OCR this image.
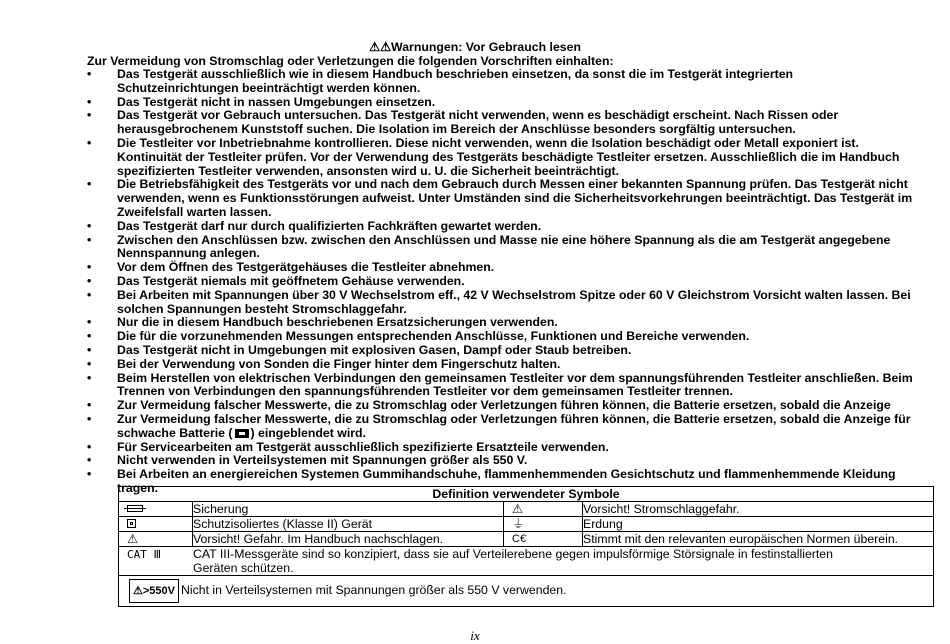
⚠⚠Warnungen: Vor Gebrauch lesen
Zur Vermeidung von Stromschlag oder Verletzungen die folgenden Vorschriften einhalten:
• Das Testgerät ausschließlich wie in diesem Handbuch beschrieben einsetzen, da sonst die im Testgerät integrierten Schutzeinrichtungen beeinträchtigt werden können.
• Das Testgerät nicht in nassen Umgebungen einsetzen.
• Das Testgerät vor Gebrauch untersuchen. Das Testgerät nicht verwenden, wenn es beschädigt erscheint. Nach Rissen oder herausgebrochenem Kunststoff suchen. Die Isolation im Bereich der Anschlüsse besonders sorgfältig untersuchen.
• Die Testleiter vor Inbetriebnahme kontrollieren. Diese nicht verwenden, wenn die Isolation beschädigt oder Metall exponiert ist. Kontinuität der Testleiter prüfen. Vor der Verwendung des Testgeräts beschädigte Testleiter ersetzen. Ausschließlich die im Handbuch spezifizierten Testleiter verwenden, ansonsten wird u. U. die Sicherheit beeinträchtigt.
• Die Betriebsfähigkeit des Testgeräts vor und nach dem Gebrauch durch Messen einer bekannten Spannung prüfen. Das Testgerät nicht verwenden, wenn es Funktionsstörungen aufweist. Unter Umständen sind die Sicherheitsvorkehrungen beeinträchtigt. Das Testgerät im Zweifelsfall warten lassen.
• Das Testgerät darf nur durch qualifizierten Fachkräften gewartet werden.
• Zwischen den Anschlüssen bzw. zwischen den Anschlüssen und Masse nie eine höhere Spannung als die am Testgerät angegebene Nennspannung anlegen.
• Vor dem Öffnen des Testgerätgehäuses die Testleiter abnehmen.
• Das Testgerät niemals mit geöffnetem Gehäuse verwenden.
• Bei Arbeiten mit Spannungen über 30 V Wechselstrom eff., 42 V Wechselstrom Spitze oder 60 V Gleichstrom Vorsicht walten lassen. Bei solchen Spannungen besteht Stromschlaggefahr.
• Nur die in diesem Handbuch beschriebenen Ersatzsicherungen verwenden.
• Die für die vorzunehmenden Messungen entsprechenden Anschlüsse, Funktionen und Bereiche verwenden.
• Das Testgerät nicht in Umgebungen mit explosiven Gasen, Dampf oder Staub betreiben.
• Bei der Verwendung von Sonden die Finger hinter dem Fingerschutz halten.
• Beim Herstellen von elektrischen Verbindungen den gemeinsamen Testleiter vor dem spannungsführenden Testleiter anschließen. Beim Trennen von Verbindungen den spannungsführenden Testleiter vor dem gemeinsamen Testleiter trennen.
• Zur Vermeidung falscher Messwerte, die zu Stromschlag oder Verletzungen führen können, die Batterie ersetzen, sobald die Anzeige
• Zur Vermeidung falscher Messwerte, die zu Stromschlag oder Verletzungen führen können, die Batterie ersetzen, sobald die Anzeige für schwache Batterie ( ) eingeblendet wird.
• Für Servicearbeiten am Testgerät ausschließlich spezifizierte Ersatzteile verwenden.
• Nicht verwenden in Verteilsystemen mit Spannungen größer als 550 V.
• Bei Arbeiten an energiereichen Systemen Gummihandschuhe, flammenhemmenden Gesichtschutz und flammenhemmende Kleidung tragen.	Definition verwendeter Symbole			
	Sicherung	⚠	Vorsicht! Stromschlaggefahr.
	Schutzisoliertes (Klasse II) Gerät	⏚	Erdung
⚠	Vorsicht! Gefahr. Im Handbuch nachschlagen.	C€	Stimmt mit den relevanten europäischen Normen überein.
CAT Ⅲ CAT III-Messgeräte sind so konzipiert, dass sie auf Verteilerebene gegen impulsförmige Störsignale in festinstallierten Geräten schützen.			
⚠>550V Nicht in Verteilsystemen mit Spannungen größer als 550 V verwenden.			
ix
